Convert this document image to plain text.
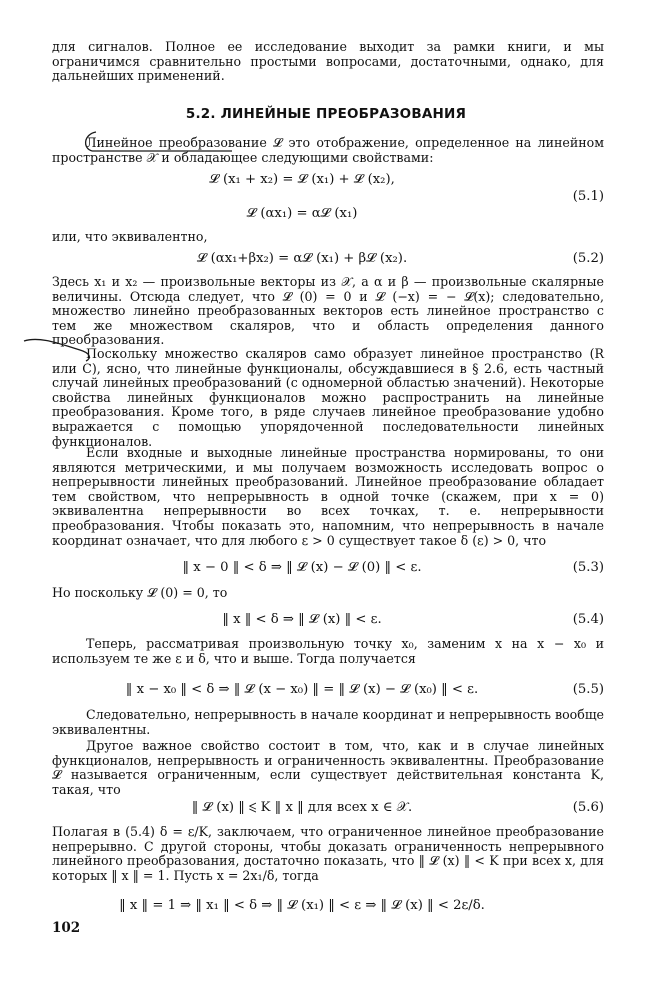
для сигналов. Полное ее исследование выходит за рамки книги, и мы ограничимся сравнительно простыми вопросами, достаточными, однако, для дальнейших применений.
5.2. ЛИНЕЙНЫЕ ПРЕОБРАЗОВАНИЯ
Линейное преобразование 𝓛 это отображение, определенное на линейном пространстве 𝒳 и обладающее следующими свойствами:
𝓛 (x₁ + x₂) = 𝓛 (x₁) + 𝓛 (x₂),
𝓛 (αx₁) = α𝓛 (x₁)
(5.1)
или, что эквивалентно,
𝓛 (αx₁+βx₂) = α𝓛 (x₁) + β𝓛 (x₂).	(5.2)
Здесь x₁ и x₂ — произвольные векторы из 𝒳, а α и β — произвольные скалярные величины. Отсюда следует, что 𝓛 (0) = 0 и 𝓛 (−x) = − 𝓛(x); следовательно, множество линейно преобразованных векторов есть линейное пространство с тем же множеством скаляров, что и область определения данного преобразования.
Поскольку множество скаляров само образует линейное пространство (R или C), ясно, что линейные функционалы, обсуждавшиеся в § 2.6, есть частный случай линейных преобразований (с одномерной областью значений). Некоторые свойства линейных функционалов можно распространить на линейные преобразования. Кроме того, в ряде случаев линейное преобразование удобно выражается с помощью упорядоченной последовательности линейных функционалов.
Если входные и выходные линейные пространства нормированы, то они являются метрическими, и мы получаем возможность исследовать вопрос о непрерывности линейных преобразований. Линейное преобразование обладает тем свойством, что непрерывность в одной точке (скажем, при x = 0) эквивалентна непрерывности во всех точках, т. е. непрерывности преобразования. Чтобы показать это, напомним, что непрерывность в начале координат означает, что для любого ε > 0 существует такое δ (ε) > 0, что
‖ x − 0 ‖ < δ ⇒ ‖ 𝓛 (x) − 𝓛 (0) ‖ < ε.	(5.3)
Но поскольку 𝓛 (0) = 0, то
‖ x ‖ < δ ⇒ ‖ 𝓛 (x) ‖ < ε.	(5.4)
Теперь, рассматривая произвольную точку x₀, заменим x на x − x₀ и используем те же ε и δ, что и выше. Тогда получается
‖ x − x₀ ‖ < δ ⇒ ‖ 𝓛 (x − x₀) ‖ = ‖ 𝓛 (x) − 𝓛 (x₀) ‖ < ε.	(5.5)
Следовательно, непрерывность в начале координат и непрерывность вообще эквивалентны.
Другое важное свойство состоит в том, что, как и в случае линейных функционалов, непрерывность и ограниченность эквивалентны. Преобразование 𝓛 называется ограниченным, если существует действительная константа K, такая, что
‖ 𝓛 (x) ‖ ⩽ K ‖ x ‖ для всех x ∈ 𝒳.	(5.6)
Полагая в (5.4) δ = ε/K, заключаем, что ограниченное линейное преобразование непрерывно. С другой стороны, чтобы доказать ограниченность непрерывного линейного преобразования, достаточно показать, что ‖ 𝓛 (x) ‖ < K при всех x, для которых ‖ x ‖ = 1. Пусть x = 2x₁/δ, тогда
‖ x ‖ = 1 ⇒ ‖ x₁ ‖ < δ ⇒ ‖ 𝓛 (x₁) ‖ < ε ⇒ ‖ 𝓛 (x) ‖ < 2ε/δ.
102
